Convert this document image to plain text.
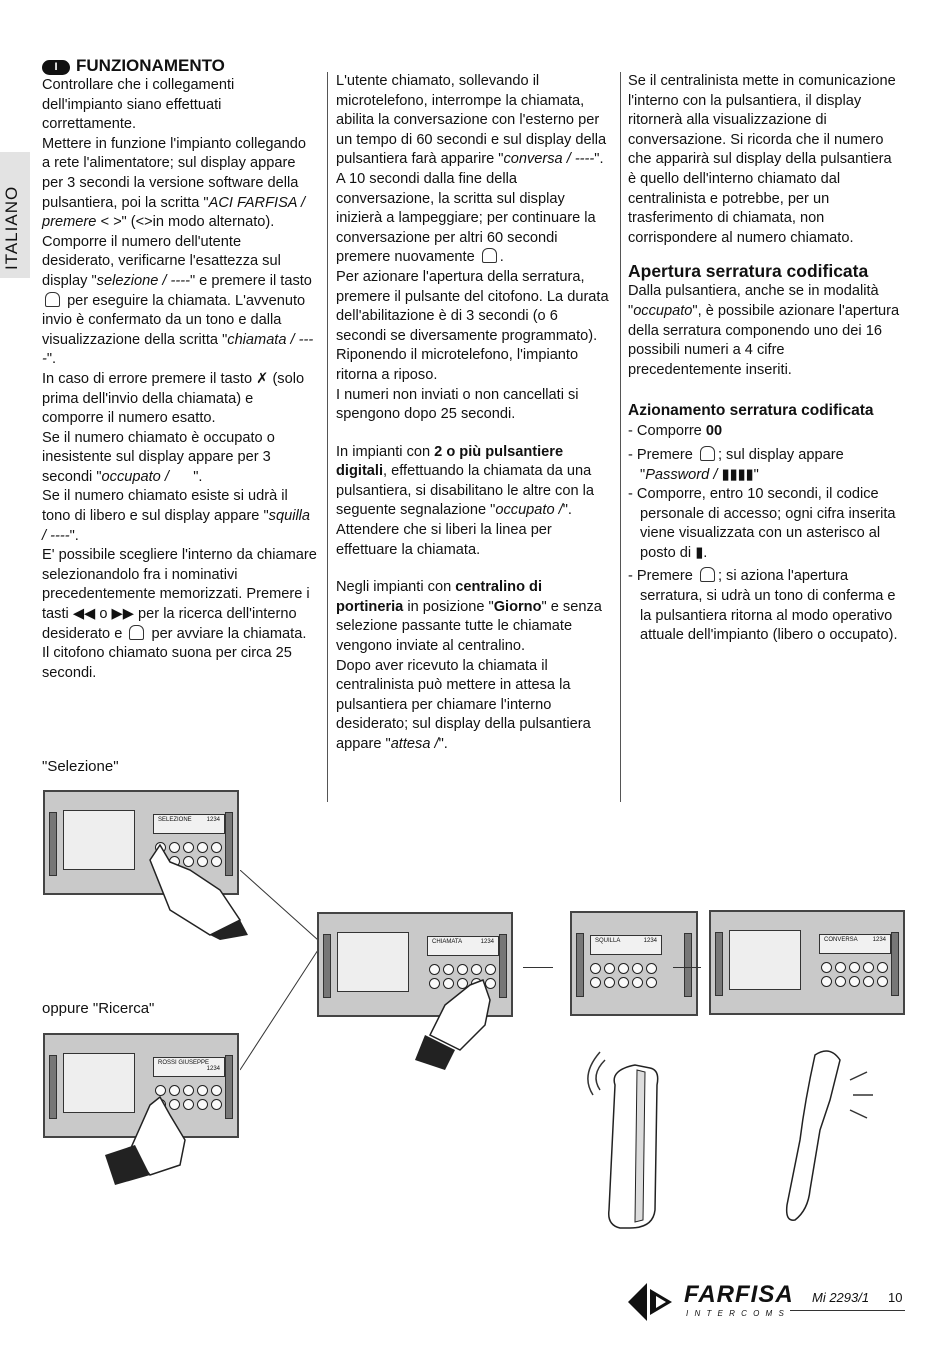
ITALIANO
I FUNZIONAMENTO

Controllare che i collegamenti dell'impianto siano effettuati correttamente.

Mettere in funzione l'impianto collegando a rete l'alimentatore; sul display appare per 3 secondi la versione software della pulsantiera, poi la scritta "ACI FARFISA / premere < >" (<>in modo alternato).

Comporre il numero dell'utente desiderato, verificarne l'esattezza sul display "selezione / ----" e premere il tasto  per eseguire la chiamata. L'avvenuto invio è confermato da un tono e dalla visualizzazione della scritta "chiamata / ----".

In caso di errore premere il tasto ✗ (solo prima dell'invio della chiamata) e comporre il numero esatto.

Se il numero chiamato è occupato o inesistente sul display appare per 3 secondi "occupato / ".

Se il numero chiamato esiste si udrà il tono di libero e sul display appare "squilla / ----".

E' possibile scegliere l'interno da chiamare selezionandolo fra i nominativi precedentemente memorizzati. Premere i tasti ◀◀ o ▶▶ per la ricerca dell'interno desiderato e per avviare la chiamata.

Il citofono chiamato suona per circa 25 secondi.

L'utente chiamato, sollevando il microtelefono, interrompe la chiamata, abilita la conversazione con l'esterno per un tempo di 60 secondi e sul display della pulsantiera farà apparire "conversa / ----".

A 10 secondi dalla fine della conversazione, la scritta sul display inizierà a lampeggiare; per continuare la conversazione per altri 60 secondi premere nuovamente .

Per azionare l'apertura della serratura, premere il pulsante del citofono. La durata dell'abilitazione è di 3 secondi (o 6 secondi se diversamente programmato).

Riponendo il microtelefono, l'impianto ritorna a riposo.

I numeri non inviati o non cancellati si spengono dopo 25 secondi.

In impianti con 2 o più pulsantiere digitali, effettuando la chiamata da una pulsantiera, si disabilitano le altre con la seguente segnalazione "occupato /". Attendere che si liberi la linea per effettuare la chiamata.

Negli impianti con centralino di portineria in posizione "Giorno" e senza selezione passante tutte le chiamate vengono inviate al centralino.

Dopo aver ricevuto la chiamata il centralinista può mettere in attesa la pulsantiera per chiamare l'interno desiderato; sul display della pulsantiera appare "attesa /".

Se il centralinista mette in comunicazione l'interno con la pulsantiera, il display ritornerà alla visualizzazione di conversazione. Si ricorda che il numero che apparirà sul display della pulsantiera è quello dell'interno chiamato dal centralinista e potrebbe, per un trasferimento di chiamata, non corrispondere al numero chiamato.

Apertura serratura codificata

Dalla pulsantiera, anche se in modalità "occupato", è possibile azionare l'apertura della serratura componendo uno dei 16 possibili numeri a 4 cifre precedentemente inseriti.

Azionamento serratura codificata

- Comporre 00

- Premere ; sul display appare "Password / ▮▮▮▮"

- Comporre, entro 10 secondi, il codice personale di accesso; ogni cifra inserita viene visualizzata con un asterisco al posto di ▮.

- Premere ; si aziona l'apertura serratura, si udrà un tono di conferma e la pulsantiera ritorna al modo operativo attuale dell'impianto (libero o occupato).

"Selezione"
oppure "Ricerca"
SELEZIONE 1234
ROSSI GIUSEPPE
1234
CHIAMATA	1234	SQUILLA	1234	CONVERSA 1234
FARFISA
I N T E R C O M S
Mi 2293/1 10
